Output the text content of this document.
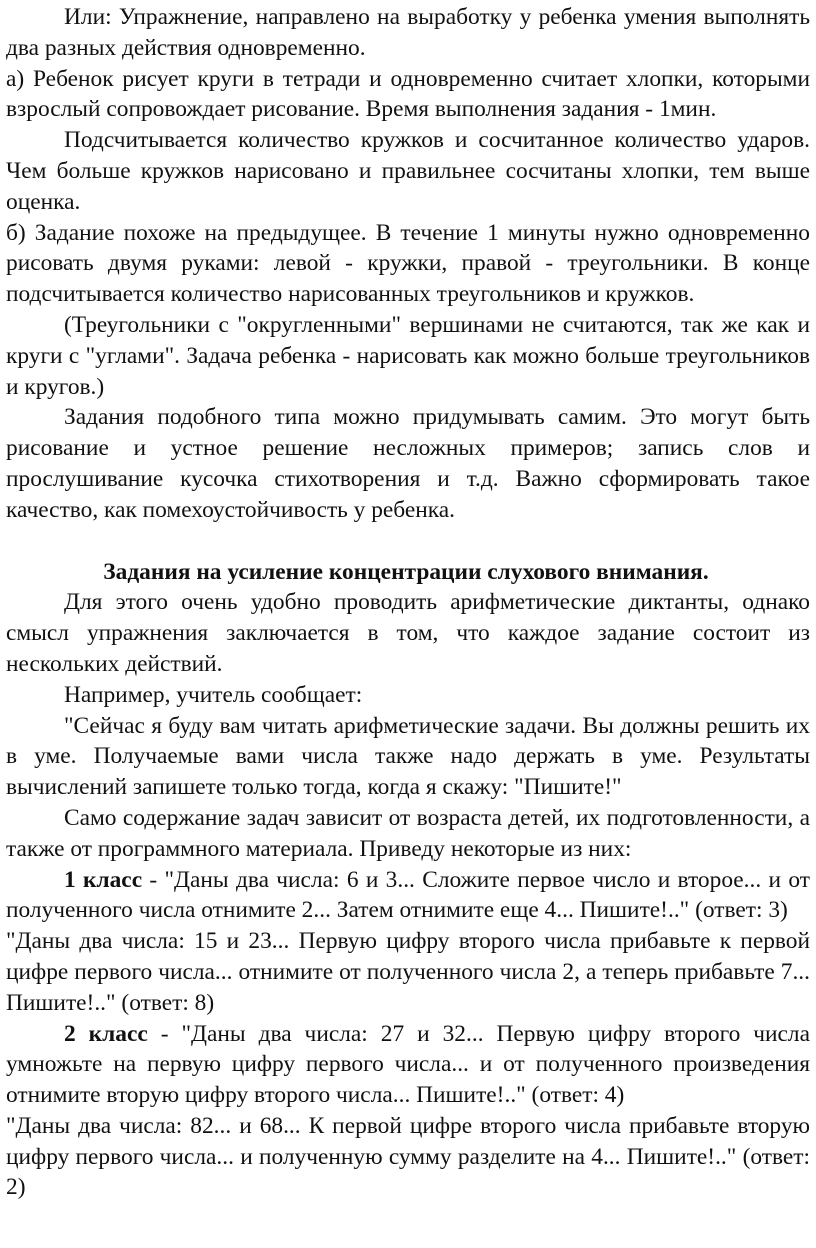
Или: Упражнение, направлено на выработку у ребенка умения выполнять два разных действия одновременно.

а) Ребенок рисует круги в тетради и одновременно считает хлопки, которыми взрослый сопровождает рисование. Время выполнения задания - 1мин.

Подсчитывается количество кружков и сосчитанное количество ударов. Чем больше кружков нарисовано и правильнее сосчитаны хлопки, тем выше оценка.

б) Задание похоже на предыдущее. В течение 1 минуты нужно одновременно рисовать двумя руками: левой - кружки, правой - треугольники. В конце подсчитывается количество нарисованных треугольников и кружков.

(Треугольники с "округленными" вершинами не считаются, так же как и круги с "углами". Задача ребенка - нарисовать как можно больше треугольников и кругов.)

Задания подобного типа можно придумывать самим. Это могут быть рисование и устное решение несложных примеров; запись слов и прослушивание кусочка стихотворения и т.д. Важно сформировать такое качество, как помехоустойчивость у ребенка.

Задания на усиление концентрации слухового внимания.

Для этого очень удобно проводить арифметические диктанты, однако смысл упражнения заключается в том, что каждое задание состоит из нескольких действий.

Например, учитель сообщает:

"Сейчас я буду вам читать арифметические задачи. Вы должны решить их в уме. Получаемые вами числа также надо держать в уме. Результаты вычислений запишете только тогда, когда я скажу: "Пишите!"

Само содержание задач зависит от возраста детей, их подготовленности, а также от программного материала. Приведу некоторые из них:

1 класс - "Даны два числа: 6 и 3... Сложите первое число и второе... и от полученного числа отнимите 2... Затем отнимите еще 4... Пишите!.." (ответ: 3)

"Даны два числа: 15 и 23... Первую цифру второго числа прибавьте к первой цифре первого числа... отнимите от полученного числа 2, а теперь прибавьте 7... Пишите!.." (ответ: 8)

2 класс - "Даны два числа: 27 и 32... Первую цифру второго числа умножьте на первую цифру первого числа... и от полученного произведения отнимите вторую цифру второго числа... Пишите!.." (ответ: 4)

"Даны два числа: 82... и 68... К первой цифре второго числа прибавьте вторую цифру первого числа... и полученную сумму разделите на 4... Пишите!.." (ответ: 2)
